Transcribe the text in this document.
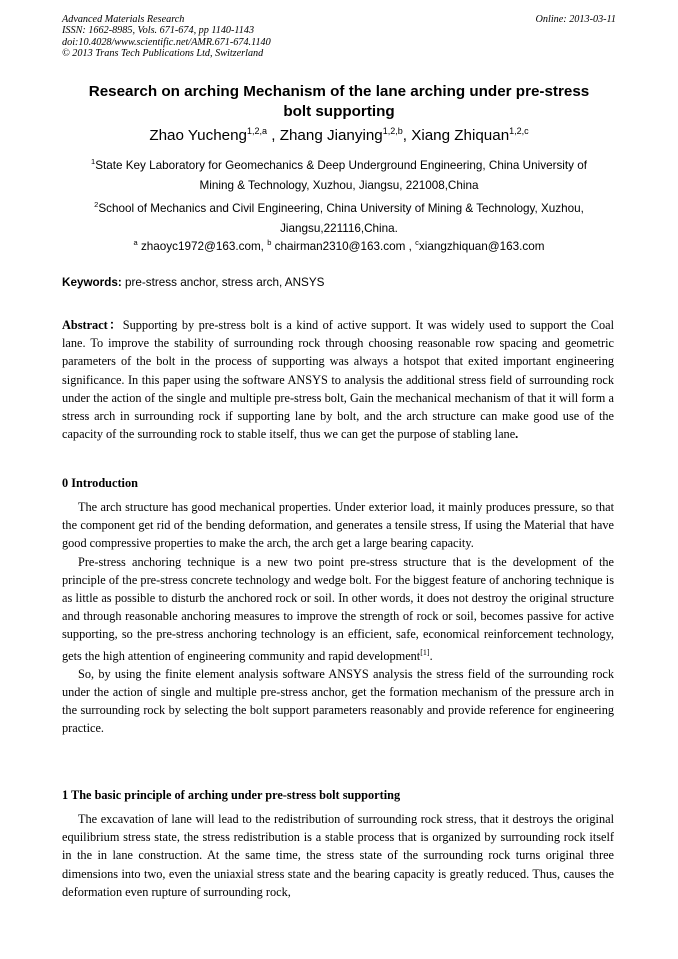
Advanced Materials Research
ISSN: 1662-8985, Vols. 671-674, pp 1140-1143
doi:10.4028/www.scientific.net/AMR.671-674.1140
© 2013 Trans Tech Publications Ltd, Switzerland
Online: 2013-03-11
Research on arching Mechanism of the lane arching under pre-stress
bolt supporting
Zhao Yucheng$^{1,2,a}$ , Zhang Jianying$^{1,2,b}$, Xiang Zhiquan$^{1,2,c}$
$^1$State Key Laboratory for Geomechanics & Deep Underground Engineering, China University of
Mining & Technology, Xuzhou, Jiangsu, 221008,China
$^2$School of Mechanics and Civil Engineering, China University of Mining & Technology, Xuzhou,
Jiangsu,221116,China.
$^a$ zhaoyc1972@163.com, $^b$ chairman2310@163.com , $^c$xiangzhiquan@163.com
Keywords: pre-stress anchor, stress arch, ANSYS

Abstract：Supporting by pre-stress bolt is a kind of active support. It was widely used to support the Coal lane. To improve the stability of surrounding rock through choosing reasonable row spacing and geometric parameters of the bolt in the process of supporting was always a hotspot that exited important engineering significance. In this paper using the software ANSYS to analysis the additional stress field of surrounding rock under the action of the single and multiple pre-stress bolt, Gain the mechanical mechanism of that it will form a stress arch in surrounding rock if supporting lane by bolt, and the arch structure can make good use of the capacity of the surrounding rock to stable itself, thus we can get the purpose of stabling lane.

0 Introduction

The arch structure has good mechanical properties. Under exterior load, it mainly produces pressure, so that the component get rid of the bending deformation, and generates a tensile stress, If using the Material that have good compressive properties to make the arch, the arch get a large bearing capacity.

Pre-stress anchoring technique is a new two point pre-stress structure that is the development of the principle of the pre-stress concrete technology and wedge bolt. For the biggest feature of anchoring technique is as little as possible to disturb the anchored rock or soil. In other words, it does not destroy the original structure and through reasonable anchoring measures to improve the strength of rock or soil, becomes passive for active supporting, so the pre-stress anchoring technology is an efficient, safe, economical reinforcement technology, gets the high attention of engineering community and rapid development[1].

So, by using the finite element analysis software ANSYS analysis the stress field of the surrounding rock under the action of single and multiple pre-stress anchor, get the formation mechanism of the pressure arch in the surrounding rock by selecting the bolt support parameters reasonably and provide reference for engineering practice.

1 The basic principle of arching under pre-stress bolt supporting

The excavation of lane will lead to the redistribution of surrounding rock stress, that it destroys the original equilibrium stress state, the stress redistribution is a stable process that is organized by surrounding rock itself in the in lane construction. At the same time, the stress state of the surrounding rock turns original three dimensions into two, even the uniaxial stress state and the bearing capacity is greatly reduced. Thus, causes the deformation even rupture of surrounding rock,
